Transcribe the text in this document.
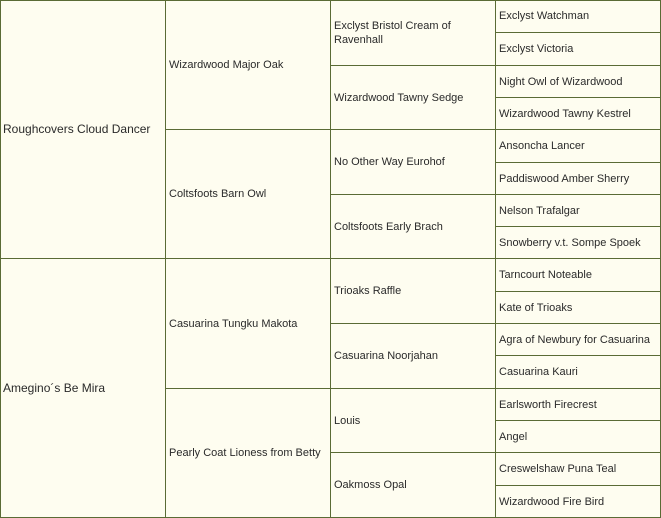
Roughcovers Cloud Dancer
Amegino´s Be Mira
Wizardwood Major Oak
Coltsfoots Barn Owl
Casuarina Tungku Makota
Pearly Coat Lioness from Betty
Exclyst Bristol Cream of Ravenhall
Wizardwood Tawny Sedge
No Other Way Eurohof
Coltsfoots Early Brach
Trioaks Raffle
Casuarina Noorjahan
Louis
Oakmoss Opal
Exclyst Watchman
Exclyst Victoria
Night Owl of Wizardwood
Wizardwood Tawny Kestrel
Ansoncha Lancer
Paddiswood Amber Sherry
Nelson Trafalgar
Snowberry v.t. Sompe Spoek
Tarncourt Noteable
Kate of Trioaks
Agra of Newbury for Casuarina
Casuarina Kauri
Earlsworth Firecrest
Angel
Creswelshaw Puna Teal
Wizardwood Fire Bird
